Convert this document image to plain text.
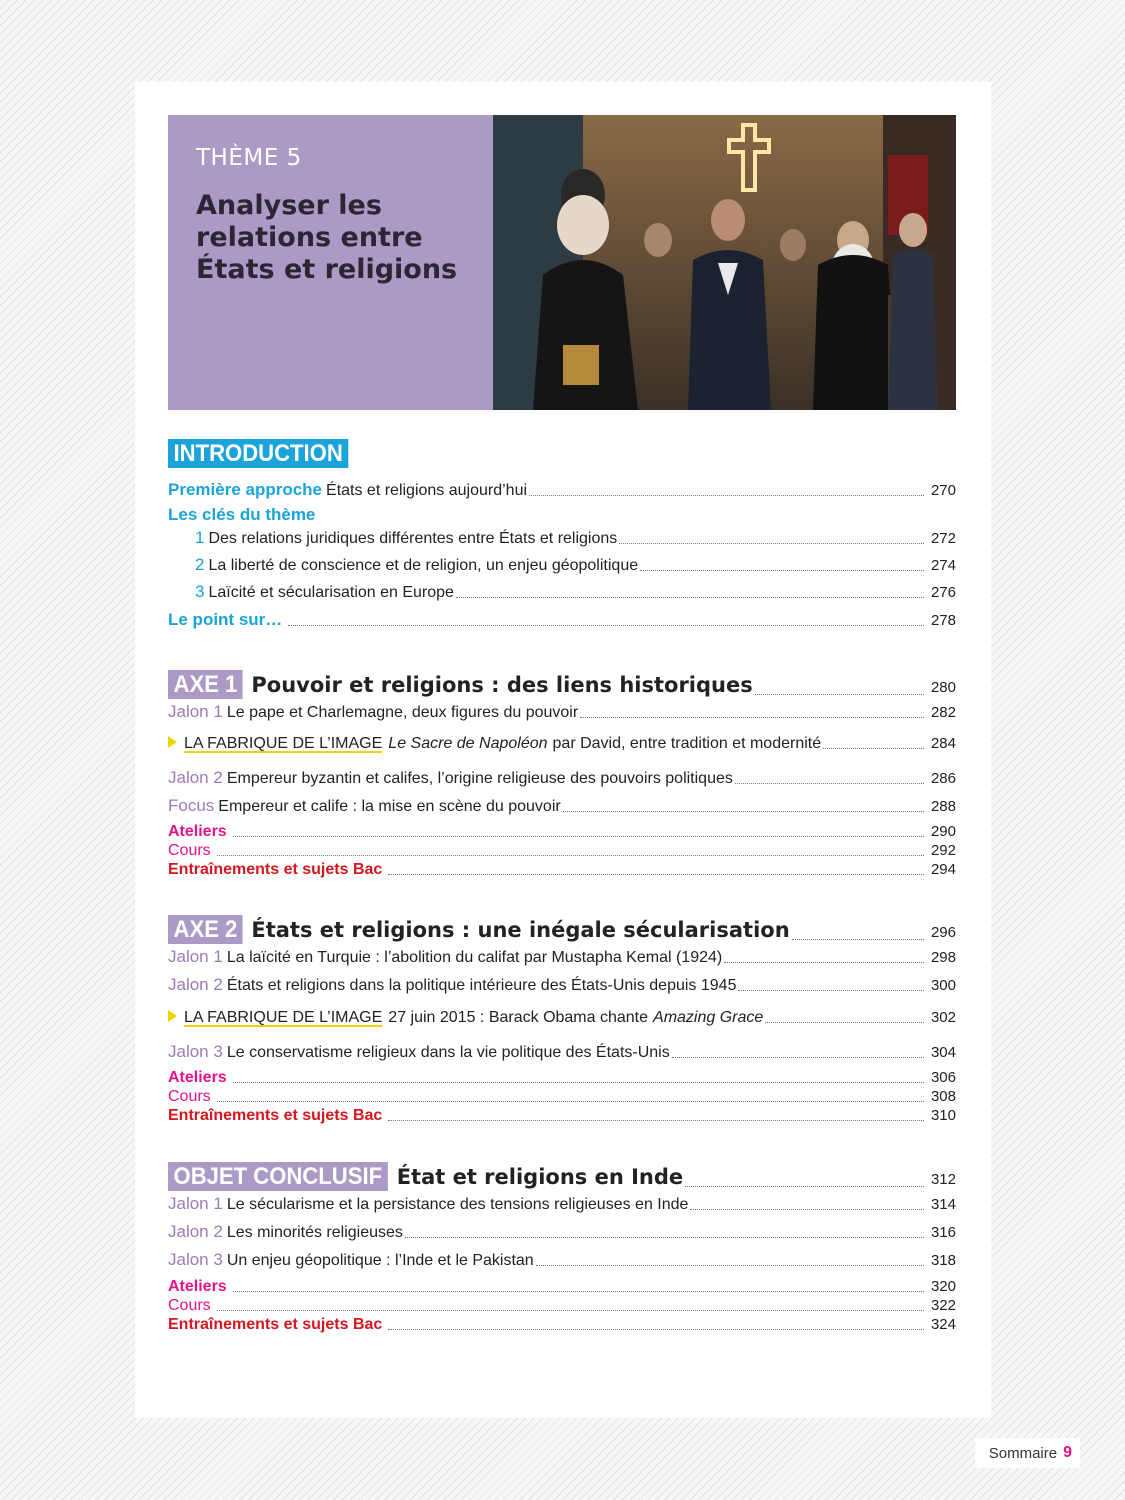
THÈME 5
Analyser les relations entre États et religions
INTRODUCTION
Première approche États et religions aujourd’hui	270
Les clés du thème
1 Des relations juridiques différentes entre États et religions	272
2 La liberté de conscience et de religion, un enjeu géopolitique	274
3 Laïcité et sécularisation en Europe	276
Le point sur…	278
AXE 1 Pouvoir et religions : des liens historiques	280
Jalon 1 Le pape et Charlemagne, deux figures du pouvoir	282
LA FABRIQUE DE L’IMAGE Le Sacre de Napoléon par David, entre tradition et modernité	284
Jalon 2 Empereur byzantin et califes, l’origine religieuse des pouvoirs politiques	286
Focus Empereur et calife : la mise en scène du pouvoir	288
Ateliers	290
Cours	292
Entraînements et sujets Bac	294
AXE 2 États et religions : une inégale sécularisation	296
Jalon 1 La laïcité en Turquie : l’abolition du califat par Mustapha Kemal (1924)	298
Jalon 2 États et religions dans la politique intérieure des États-Unis depuis 1945	300
LA FABRIQUE DE L’IMAGE 27 juin 2015 : Barack Obama chante Amazing Grace	302
Jalon 3 Le conservatisme religieux dans la vie politique des États-Unis	304
Ateliers	306
Cours	308
Entraînements et sujets Bac	310
OBJET CONCLUSIF État et religions en Inde	312
Jalon 1 Le sécularisme et la persistance des tensions religieuses en Inde	314
Jalon 2 Les minorités religieuses	316
Jalon 3 Un enjeu géopolitique : l’Inde et le Pakistan	318
Ateliers	320
Cours	322
Entraînements et sujets Bac	324
Sommaire 9
